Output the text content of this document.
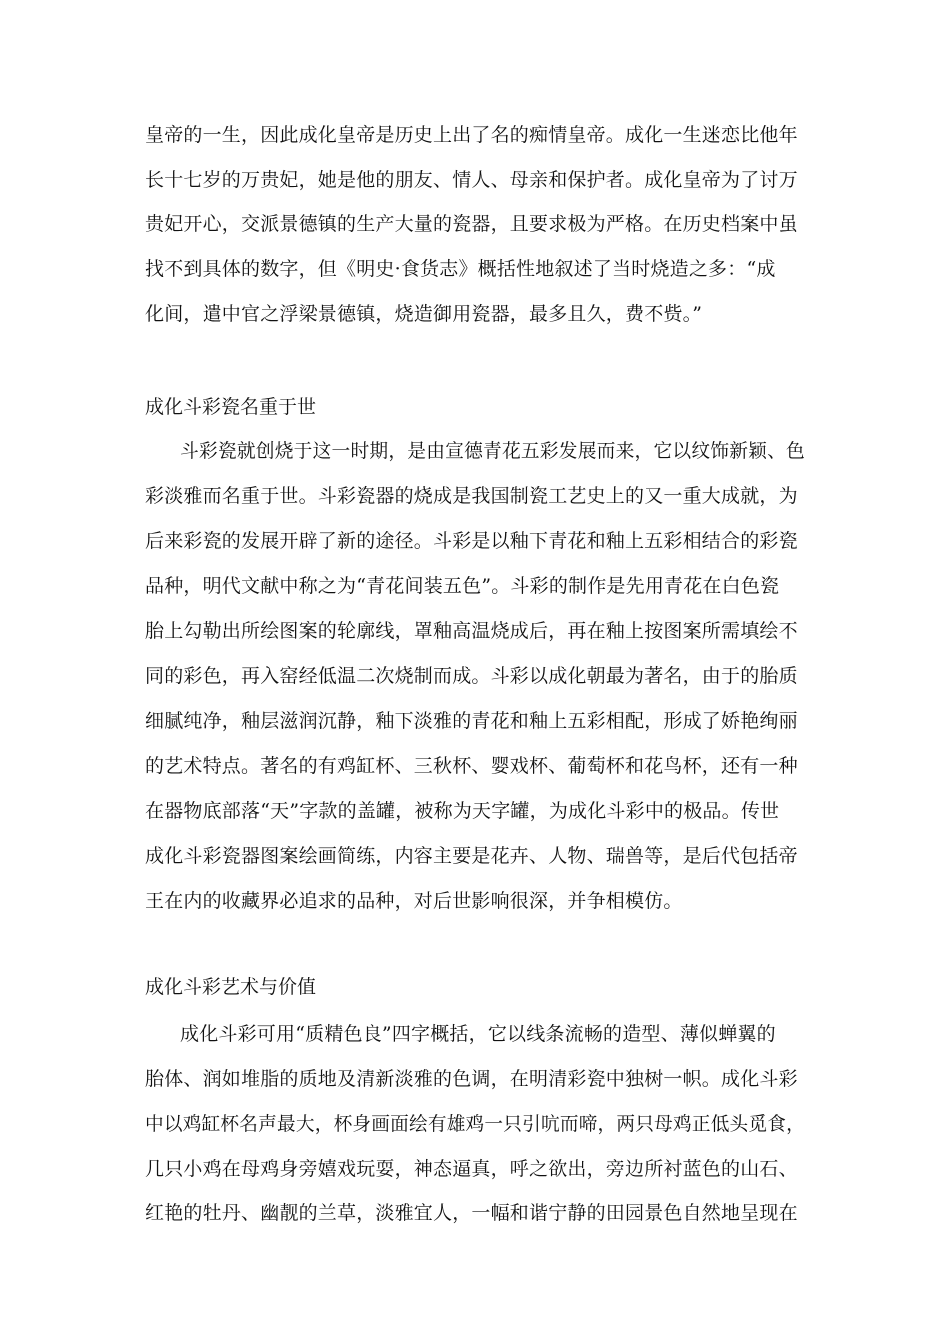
皇帝的一生，因此成化皇帝是历史上出了名的痴情皇帝。成化一生迷恋比他年
长十七岁的万贵妃，她是他的朋友、情人、母亲和保护者。成化皇帝为了讨万
贵妃开心，交派景德镇的生产大量的瓷器，且要求极为严格。在历史档案中虽
找不到具体的数字，但《明史·食货志》概括性地叙述了当时烧造之多：“成
化间，遣中官之浮梁景德镇，烧造御用瓷器，最多且久，费不赀。”
成化斗彩瓷名重于世
斗彩瓷就创烧于这一时期，是由宣德青花五彩发展而来，它以纹饰新颖、色
彩淡雅而名重于世。斗彩瓷器的烧成是我国制瓷工艺史上的又一重大成就，为
后来彩瓷的发展开辟了新的途径。斗彩是以釉下青花和釉上五彩相结合的彩瓷
品种，明代文献中称之为“青花间装五色”。斗彩的制作是先用青花在白色瓷
胎上勾勒出所绘图案的轮廓线，罩釉高温烧成后，再在釉上按图案所需填绘不
同的彩色，再入窑经低温二次烧制而成。斗彩以成化朝最为著名，由于的胎质
细腻纯净，釉层滋润沉静，釉下淡雅的青花和釉上五彩相配，形成了娇艳绚丽
的艺术特点。著名的有鸡缸杯、三秋杯、婴戏杯、葡萄杯和花鸟杯，还有一种
在器物底部落“天”字款的盖罐，被称为天字罐，为成化斗彩中的极品。传世
成化斗彩瓷器图案绘画简练，内容主要是花卉、人物、瑞兽等，是后代包括帝
王在内的收藏界必追求的品种，对后世影响很深，并争相模仿。
成化斗彩艺术与价值
成化斗彩可用“质精色良”四字概括，它以线条流畅的造型、薄似蝉翼的
胎体、润如堆脂的质地及清新淡雅的色调，在明清彩瓷中独树一帜。成化斗彩
中以鸡缸杯名声最大，杯身画面绘有雄鸡一只引吭而啼，两只母鸡正低头觅食，
几只小鸡在母鸡身旁嬉戏玩耍，神态逼真，呼之欲出，旁边所衬蓝色的山石、
红艳的牡丹、幽靓的兰草，淡雅宜人，一幅和谐宁静的田园景色自然地呈现在
